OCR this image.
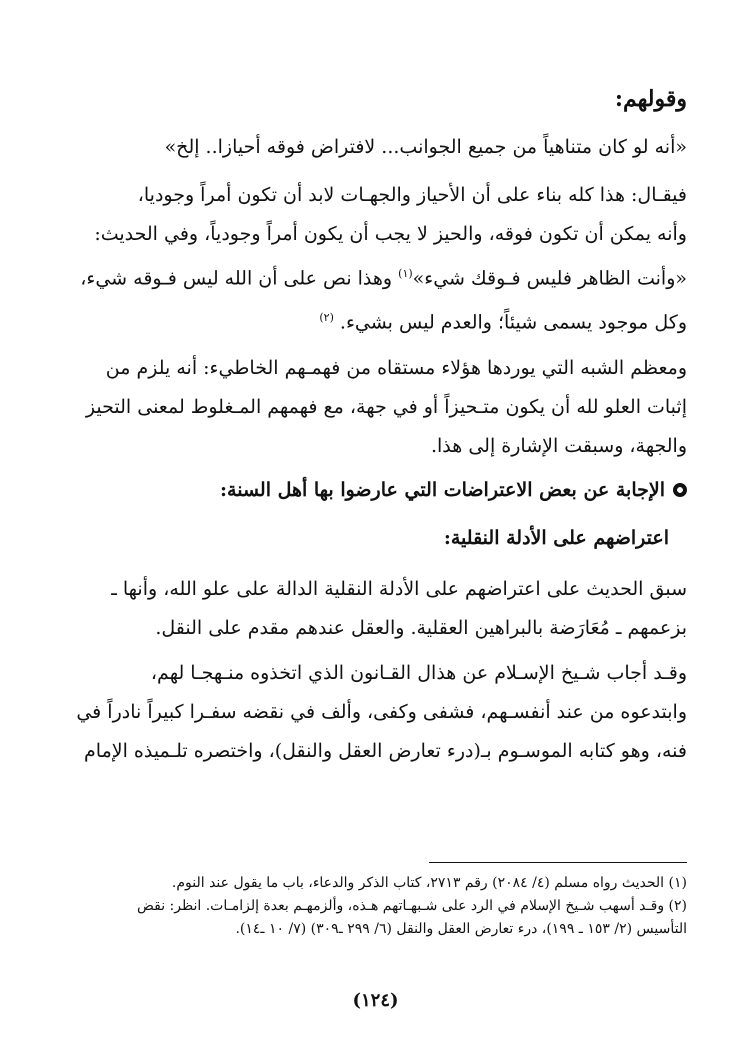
وقولهم:
«أنه لو كان متناهياً من جميع الجوانب... لافتراض فوقه أحيازا.. إلخ»

فيقـال: هذا كله بناء على أن الأحياز والجهـات لابد أن تكون أمراً وجوديا،

وأنه يمكن أن تكون فوقه، والحيز لا يجب أن يكون أمراً وجودياً، وفي الحديث:

«وأنت الظاهر فليس فـوقك شيء»$^{(١)}$ وهذا نص على أن الله ليس فـوقه شيء،

وكل موجود يسمى شيئاً؛ والعدم ليس بشيء. $^{(٢)}$

ومعظم الشبه التي يوردها هؤلاء مستقاه من فهمـهم الخاطيء: أنه يلزم من

إثبات العلو لله أن يكون متـحيزاً أو في جهة، مع فهمهم المـغلوط لمعنى التحيز

والجهة، وسبقت الإشارة إلى هذا.

الإجابة عن بعض الاعتراضات التي عارضوا بها أهل السنة:
اعتراضهم على الأدلة النقلية:

سبق الحديث على اعتراضهم على الأدلة النقلية الدالة على علو الله، وأنها ـ

بزعمهم ـ مُعَارَضة بالبراهين العقلية. والعقل عندهم مقدم على النقل.

وقـد أجاب شـيخ الإسـلام عن هذال القـانون الذي اتخذوه منـهجـا لهم،

وابتدعوه من عند أنفسـهم، فشفى وكفى، وألف في نقضه سفـرا كبيراً نادراً في

فنه، وهو كتابه الموسـوم بـ(درء تعارض العقل والنقل)، واختصره تلـميذه الإمام

(١) الحديث رواه مسلم (٤/ ٢٠٨٤) رقم ٢٧١٣، كتاب الذكر والدعاء، باب ما يقول عند النوم.

(٢) وقـد أسهب شـيخ الإسلام في الرد على شـبهـاتهم هـذه، وألزمهـم بعدة إلزامـات. انظر: نقض

التأسيس (٢/ ١٥٣ ـ ١٩٩)، درء تعارض العقل والنقل (٦/ ٢٩٩ ـ٣٠٩) (٧/ ١٠ ـ١٤).

(١٢٤)
